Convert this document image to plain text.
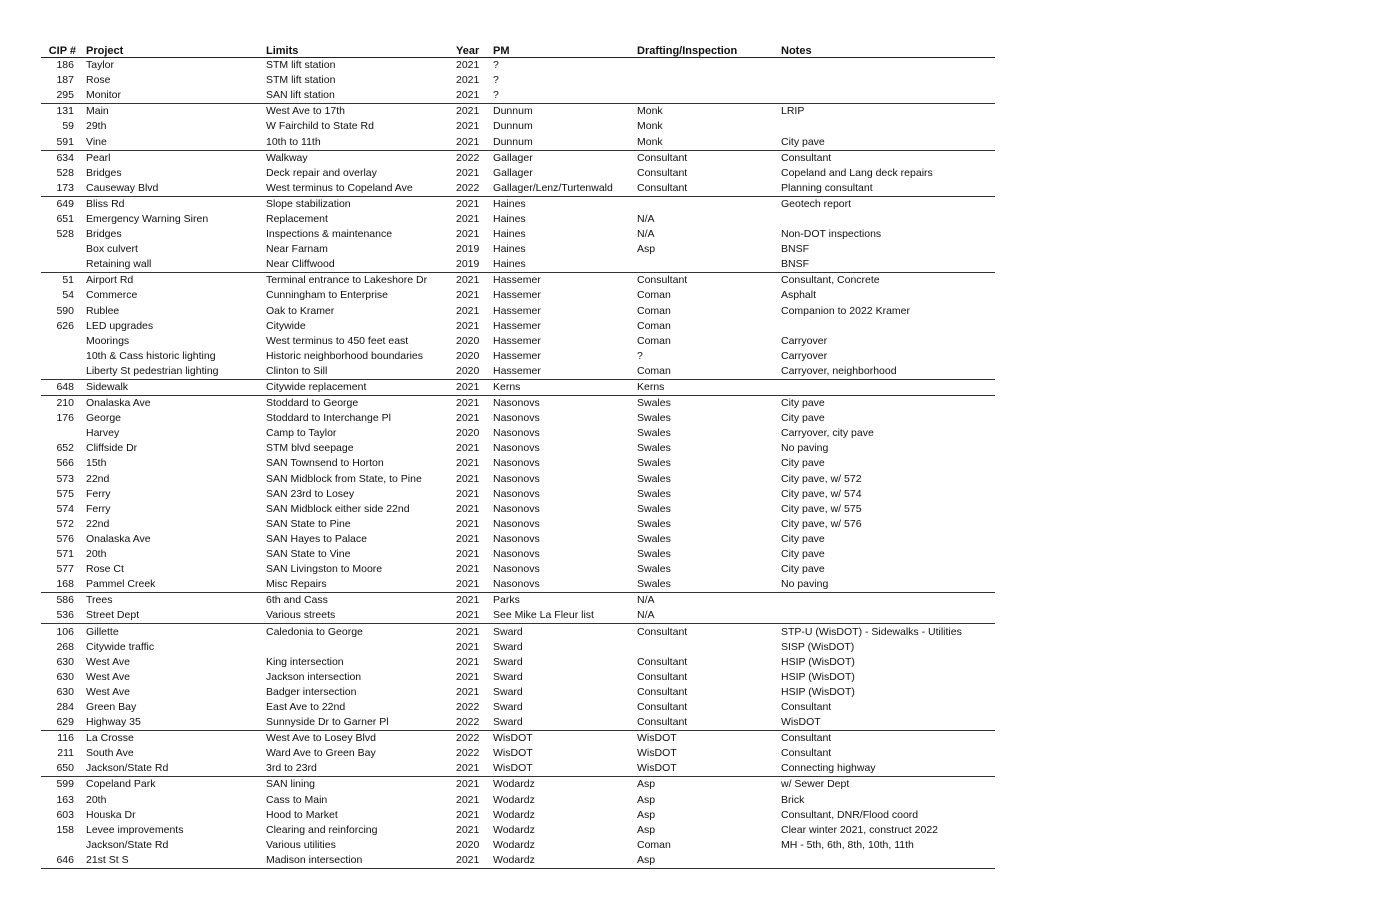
CIP #	Project	Limits	Year	PM	Drafting/Inspection	Notes
186	Taylor	STM lift station	2021	?		
187	Rose	STM lift station	2021	?		
295	Monitor	SAN lift station	2021	?		
131	Main	West Ave to 17th	2021	Dunnum	Monk	LRIP
59	29th	W Fairchild to State Rd	2021	Dunnum	Monk	
591	Vine	10th to 11th	2021	Dunnum	Monk	City pave
634	Pearl	Walkway	2022	Gallager	Consultant	Consultant
528	Bridges	Deck repair and overlay	2021	Gallager	Consultant	Copeland and Lang deck repairs
173	Causeway Blvd	West terminus to Copeland Ave	2022	Gallager/Lenz/Turtenwald	Consultant	Planning consultant
649	Bliss Rd	Slope stabilization	2021	Haines		Geotech report
651	Emergency Warning Siren	Replacement	2021	Haines	N/A	
528	Bridges	Inspections & maintenance	2021	Haines	N/A	Non-DOT inspections
	Box culvert	Near Farnam	2019	Haines	Asp	BNSF
	Retaining wall	Near Cliffwood	2019	Haines		BNSF
51	Airport Rd	Terminal entrance to Lakeshore Dr	2021	Hassemer	Consultant	Consultant, Concrete
54	Commerce	Cunningham to Enterprise	2021	Hassemer	Coman	Asphalt
590	Rublee	Oak to Kramer	2021	Hassemer	Coman	Companion to 2022 Kramer
626	LED upgrades	Citywide	2021	Hassemer	Coman	
	Moorings	West terminus to 450 feet east	2020	Hassemer	Coman	Carryover
	10th & Cass historic lighting	Historic neighborhood boundaries	2020	Hassemer	?	Carryover
	Liberty St pedestrian lighting	Clinton to Sill	2020	Hassemer	Coman	Carryover, neighborhood
648	Sidewalk	Citywide replacement	2021	Kerns	Kerns	
210	Onalaska Ave	Stoddard to George	2021	Nasonovs	Swales	City pave
176	George	Stoddard to Interchange Pl	2021	Nasonovs	Swales	City pave
	Harvey	Camp to Taylor	2020	Nasonovs	Swales	Carryover, city pave
652	Cliffside Dr	STM blvd seepage	2021	Nasonovs	Swales	No paving
566	15th	SAN Townsend to Horton	2021	Nasonovs	Swales	City pave
573	22nd	SAN Midblock from State, to Pine	2021	Nasonovs	Swales	City pave, w/ 572
575	Ferry	SAN 23rd to Losey	2021	Nasonovs	Swales	City pave, w/ 574
574	Ferry	SAN Midblock either side 22nd	2021	Nasonovs	Swales	City pave, w/ 575
572	22nd	SAN State to Pine	2021	Nasonovs	Swales	City pave, w/ 576
576	Onalaska Ave	SAN Hayes to Palace	2021	Nasonovs	Swales	City pave
571	20th	SAN State to Vine	2021	Nasonovs	Swales	City pave
577	Rose Ct	SAN Livingston to Moore	2021	Nasonovs	Swales	City pave
168	Pammel Creek	Misc Repairs	2021	Nasonovs	Swales	No paving
586	Trees	6th and Cass	2021	Parks	N/A	
536	Street Dept	Various streets	2021	See Mike La Fleur list	N/A	
106	Gillette	Caledonia to George	2021	Sward	Consultant	STP-U (WisDOT) - Sidewalks - Utilities
268	Citywide traffic		2021	Sward		SISP (WisDOT)
630	West Ave	King intersection	2021	Sward	Consultant	HSIP (WisDOT)
630	West Ave	Jackson intersection	2021	Sward	Consultant	HSIP (WisDOT)
630	West Ave	Badger intersection	2021	Sward	Consultant	HSIP (WisDOT)
284	Green Bay	East Ave to 22nd	2022	Sward	Consultant	Consultant
629	Highway 35	Sunnyside Dr to Garner Pl	2022	Sward	Consultant	WisDOT
116	La Crosse	West Ave to Losey Blvd	2022	WisDOT	WisDOT	Consultant
211	South Ave	Ward Ave to Green Bay	2022	WisDOT	WisDOT	Consultant
650	Jackson/State Rd	3rd to 23rd	2021	WisDOT	WisDOT	Connecting highway
599	Copeland Park	SAN lining	2021	Wodardz	Asp	w/ Sewer Dept
163	20th	Cass to Main	2021	Wodardz	Asp	Brick
603	Houska Dr	Hood to Market	2021	Wodardz	Asp	Consultant, DNR/Flood coord
158	Levee improvements	Clearing and reinforcing	2021	Wodardz	Asp	Clear winter 2021, construct 2022
	Jackson/State Rd	Various utilities	2020	Wodardz	Coman	MH - 5th, 6th, 8th, 10th, 11th
646	21st St S	Madison intersection	2021	Wodardz	Asp	
